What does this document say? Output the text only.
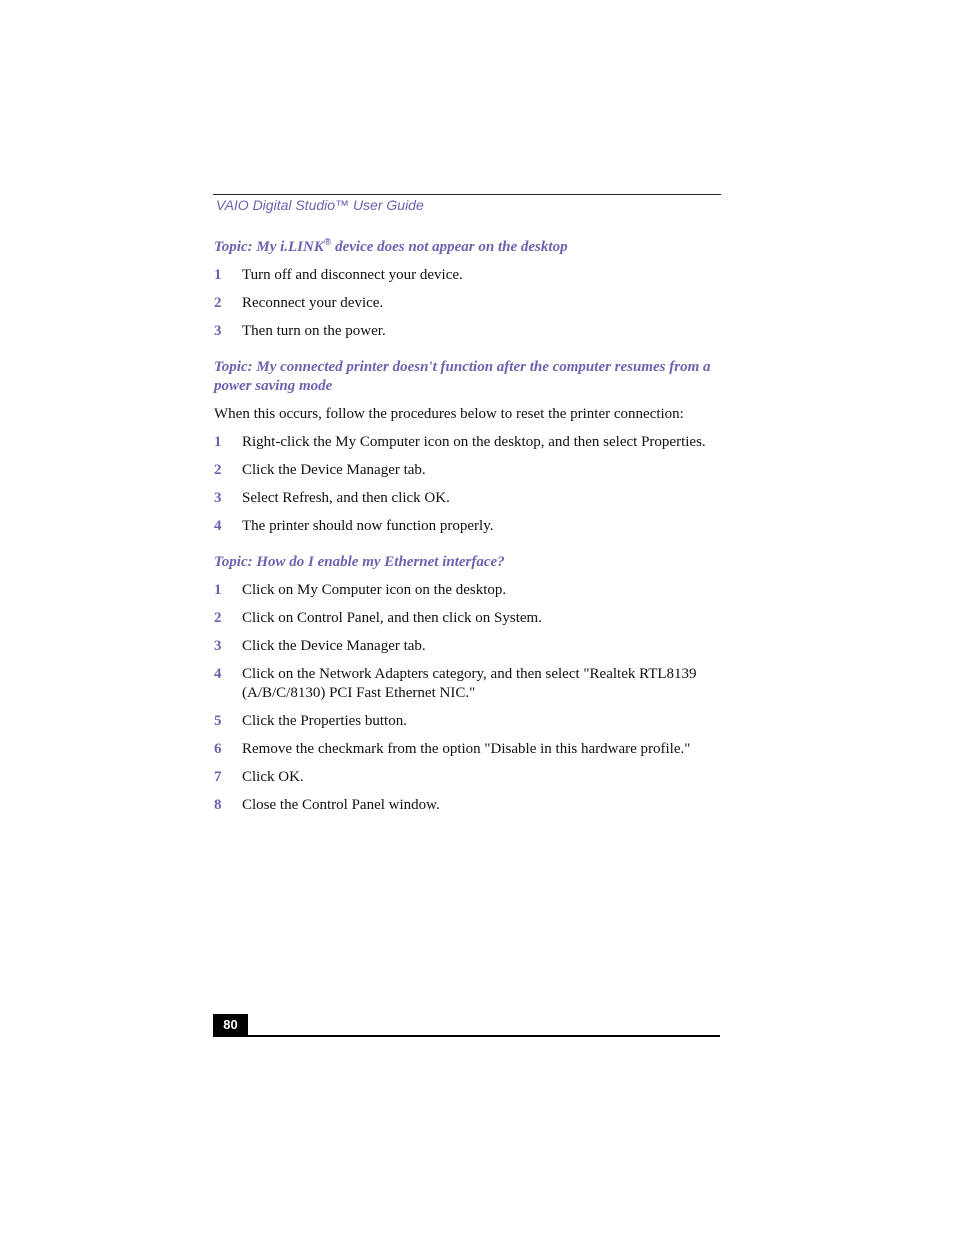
VAIO Digital Studio™ User Guide
Topic: My i.LINK® device does not appear on the desktop
1	Turn off and disconnect your device.
2	Reconnect your device.
3	Then turn on the power.
Topic: My connected printer doesn't function after the computer resumes from a power saving mode
When this occurs, follow the procedures below to reset the printer connection:
1	Right-click the My Computer icon on the desktop, and then select Properties.
2	Click the Device Manager tab.
3	Select Refresh, and then click OK.
4	The printer should now function properly.
Topic: How do I enable my Ethernet interface?
1	Click on My Computer icon on the desktop.
2	Click on Control Panel, and then click on System.
3	Click the Device Manager tab.
4	Click on the Network Adapters category, and then select "Realtek RTL8139 (A/B/C/8130) PCI Fast Ethernet NIC."
5	Click the Properties button.
6	Remove the checkmark from the option "Disable in this hardware profile."
7	Click OK.
8	Close the Control Panel window.
80
